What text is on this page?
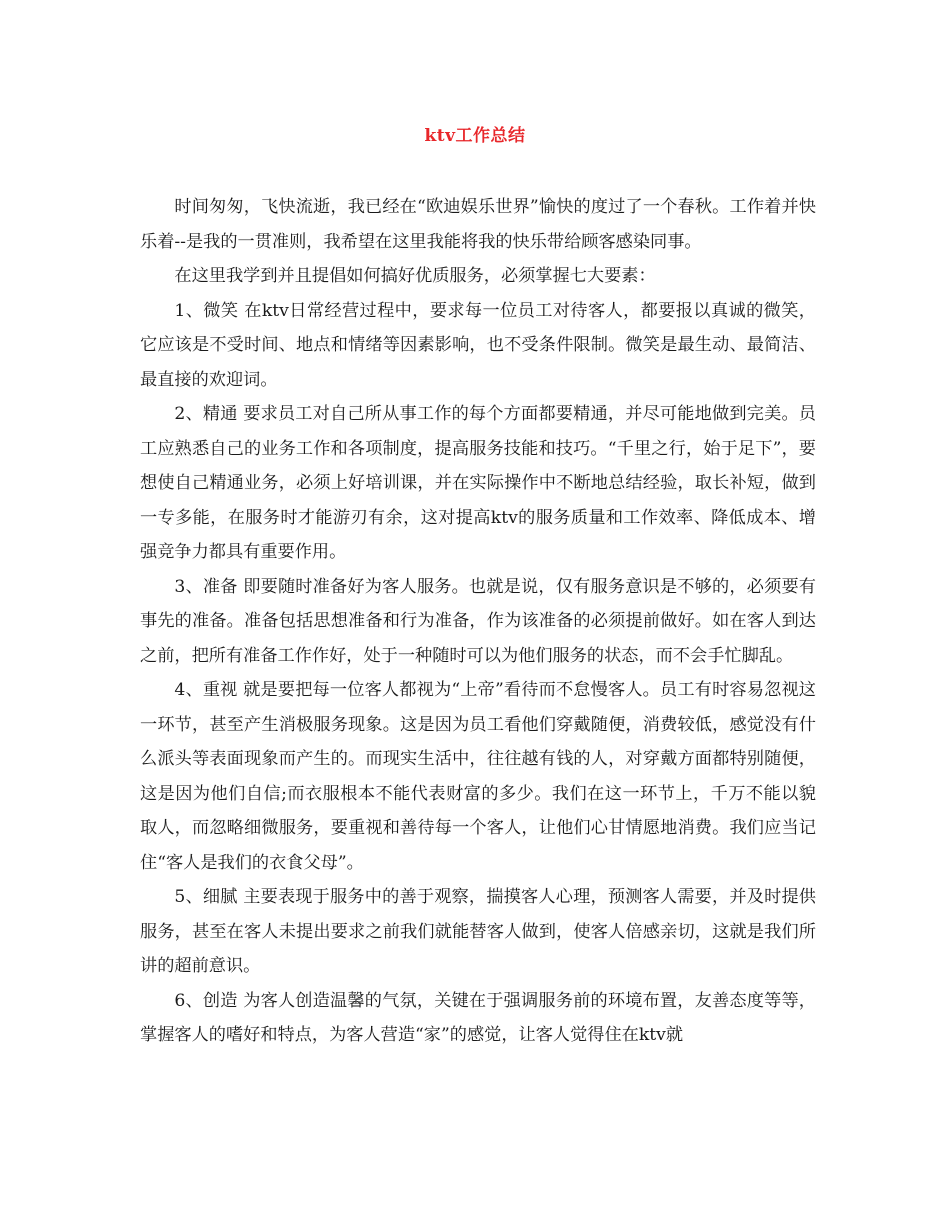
ktv工作总结

时间匆匆，飞快流逝，我已经在“欧迪娱乐世界”愉快的度过了一个春秋。工作着并快乐着--是我的一贯准则，我希望在这里我能将我的快乐带给顾客感染同事。

在这里我学到并且提倡如何搞好优质服务，必须掌握七大要素：

1、微笑 在ktv日常经营过程中，要求每一位员工对待客人，都要报以真诚的微笑，它应该是不受时间、地点和情绪等因素影响，也不受条件限制。微笑是最生动、最简洁、最直接的欢迎词。

2、精通 要求员工对自己所从事工作的每个方面都要精通，并尽可能地做到完美。员工应熟悉自己的业务工作和各项制度，提高服务技能和技巧。“千里之行，始于足下”，要想使自己精通业务，必须上好培训课，并在实际操作中不断地总结经验，取长补短，做到一专多能，在服务时才能游刃有余，这对提高ktv的服务质量和工作效率、降低成本、增强竞争力都具有重要作用。

3、准备 即要随时准备好为客人服务。也就是说，仅有服务意识是不够的，必须要有事先的准备。准备包括思想准备和行为准备，作为该准备的必须提前做好。如在客人到达之前，把所有准备工作作好，处于一种随时可以为他们服务的状态，而不会手忙脚乱。

4、重视 就是要把每一位客人都视为“上帝”看待而不怠慢客人。员工有时容易忽视这一环节，甚至产生消极服务现象。这是因为员工看他们穿戴随便，消费较低，感觉没有什么派头等表面现象而产生的。而现实生活中，往往越有钱的人，对穿戴方面都特别随便，这是因为他们自信;而衣服根本不能代表财富的多少。我们在这一环节上，千万不能以貌取人，而忽略细微服务，要重视和善待每一个客人，让他们心甘情愿地消费。我们应当记住“客人是我们的衣食父母”。

5、细腻 主要表现于服务中的善于观察，揣摸客人心理，预测客人需要，并及时提供服务，甚至在客人未提出要求之前我们就能替客人做到，使客人倍感亲切，这就是我们所讲的超前意识。

6、创造 为客人创造温馨的气氛，关键在于强调服务前的环境布置，友善态度等等，掌握客人的嗜好和特点，为客人营造“家”的感觉，让客人觉得住在ktv就
